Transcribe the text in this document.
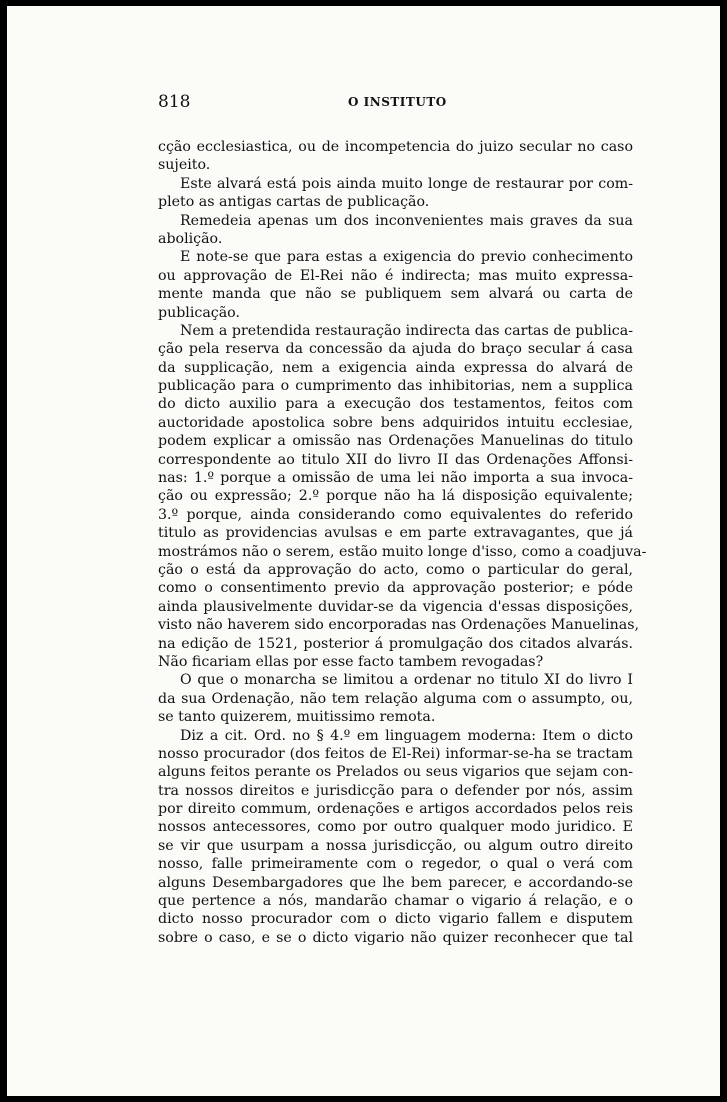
818	O INSTITUTO
cção ecclesiastica, ou de incompetencia do juizo secular no caso
sujeito.
Este alvará está pois ainda muito longe de restaurar por com-
pleto as antigas cartas de publicação.
Remedeia apenas um dos inconvenientes mais graves da sua
abolição.
E note-se que para estas a exigencia do previo conhecimento
ou approvação de El-Rei não é indirecta; mas muito expressa-
mente manda que não se publiquem sem alvará ou carta de
publicação.
Nem a pretendida restauração indirecta das cartas de publica-
ção pela reserva da concessão da ajuda do braço secular á casa
da supplicação, nem a exigencia ainda expressa do alvará de
publicação para o cumprimento das inhibitorias, nem a supplica
do dicto auxilio para a execução dos testamentos, feitos com
auctoridade apostolica sobre bens adquiridos intuitu ecclesiae,
podem explicar a omissão nas Ordenações Manuelinas do titulo
correspondente ao titulo XII do livro II das Ordenações Affonsi-
nas: 1.º porque a omissão de uma lei não importa a sua invoca-
ção ou expressão; 2.º porque não ha lá disposição equivalente;
3.º porque, ainda considerando como equivalentes do referido
titulo as providencias avulsas e em parte extravagantes, que já
mostrámos não o serem, estão muito longe d'isso, como a coadjuva-
ção o está da approvação do acto, como o particular do geral,
como o consentimento previo da approvação posterior; e póde
ainda plausivelmente duvidar-se da vigencia d'essas disposições,
visto não haverem sido encorporadas nas Ordenações Manuelinas,
na edição de 1521, posterior á promulgação dos citados alvarás.
Não ficariam ellas por esse facto tambem revogadas?
O que o monarcha se limitou a ordenar no titulo XI do livro I
da sua Ordenação, não tem relação alguma com o assumpto, ou,
se tanto quizerem, muitissimo remota.
Diz a cit. Ord. no § 4.º em linguagem moderna: Item o dicto
nosso procurador (dos feitos de El-Rei) informar-se-ha se tractam
alguns feitos perante os Prelados ou seus vigarios que sejam con-
tra nossos direitos e jurisdicção para o defender por nós, assim
por direito commum, ordenações e artigos accordados pelos reis
nossos antecessores, como por outro qualquer modo juridico. E
se vir que usurpam a nossa jurisdicção, ou algum outro direito
nosso, falle primeiramente com o regedor, o qual o verá com
alguns Desembargadores que lhe bem parecer, e accordando-se
que pertence a nós, mandarão chamar o vigario á relação, e o
dicto nosso procurador com o dicto vigario fallem e disputem
sobre o caso, e se o dicto vigario não quizer reconhecer que tal
